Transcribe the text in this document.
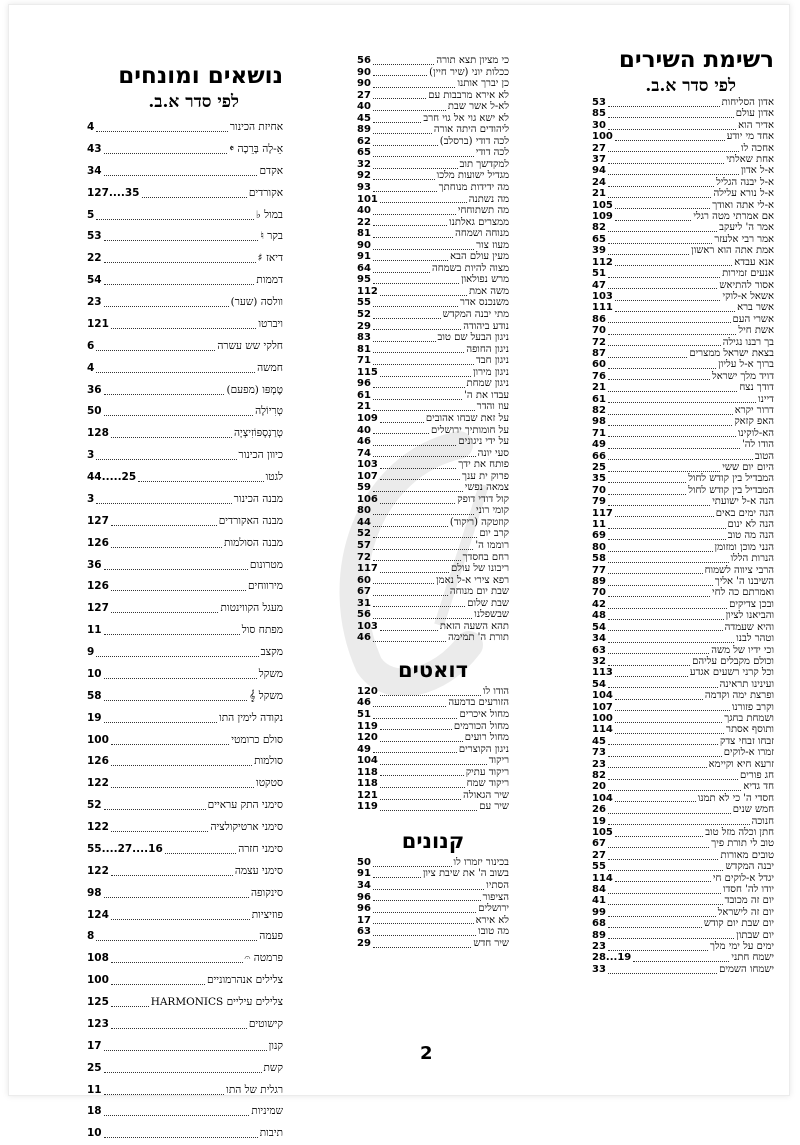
רשימת השירים
לפי סדר א.ב.
אדון הסליחות
53
אדון עולם
85
אדיר הוא
30
אחד מי יודע
100
אחכה לו
27
אחת שאלתי
37
א-ל אדון
94
א-ל יבנה הגליל
24
א-ל נורא עלילה
21
א-לי אתה ואודך
105
אם אמרתי מטה רגלי
109
אמר ה' ליעקב
82
אמר רבי אלעזר
65
אמת אתה הוא ראשון
39
אנא עבדא
112
אנעים זמירות
51
אסור להתיאש
47
אשאל א-לוקי
103
אשר ברא
111
אשרי העם
86
אשת חיל
70
בך רבנו נגילה
72
בצאת ישראל ממצרים
87
ברוך א-ל עליון
60
דויד מלך ישראל
76
דודך נצח
21
דיינו
61
דרור יקרא
82
האפ קזאק
98
הא-לוקינו
71
הודו לה'
49
הטוב
66
היום יום ששי
25
המבדיל בין קודש לחול
35
המבדיל בין קודש לחול
70
הנה א-ל ישועתי
79
הנה ימים באים
117
הנה לא ינום
11
הנה מה טוב
69
הנני מוכן ומזומן
80
הנרות הללו
58
הרבי ציווה לשמוח
77
השיבנו ה' אליך
89
ואמרתם כה לחי
70
ובכן צדיקים
42
והביאנו לציון
48
והיא שעמדה
54
וטהר לבנו
34
וכי ידיו של משה
63
וכולם מקבלים עליהם
32
וכל קרני רשעים אגדע
113
ועינינו תראינה
54
ופרצת ימה וקדמה
104
וקרב פזורנו
107
ושמחת בחגך
100
ותוסף אסתר
114
זבחו זבחי צדק
45
זמרו א-לוקים
73
זרעא חיא וקיימא
23
חג פורים
82
חד גדיא
20
חסדי ה' כי לא תמנו
104
חמש שנים
26
חנוכה
19
חתן וכלה מזל טוב
105
טוב לי תורת פיך
67
טובים מאורות
27
יבנה המקדש
55
יגדל א-לוקים חי
114
יודו לה' חסדו
84
יום זה מכובד
41
יום זה לישראל
99
יום שבת יום קודש
68
יום שבתון
89
ימים על ימי מלך
23
ישמח חתני
28...19
ישמחו השמים
33
כי מציון תצא תורה
56
ככלות יוני (שיר חיין)
90
כן יברך אותנו
90
לא אירא מרבבות עם
27
לא-ל אשר שבת
40
לא ישא גוי אל גוי חרב
45
ליהודים היתה אורה
89
לכה דודי (ברסלב)
62
לכה דודי
65
למקדשך תוב
32
מגדיל ישועות מלכו
92
מה ידידות מנוחתך
93
מה נשתנה
101
מה תשתוחחי
40
ממצרים גאלתנו
22
מנוחה ושמחה
81
מעוז צור
90
מעין עולם הבא
91
מצוה להיות בשמחה
64
מרש נפולאון
95
משה אמת
112
משנכנס אדר
55
מתי יבנה המקדש
52
נודע ביהודה
29
ניגון הבעל שם טוב
83
ניגון החופה
81
ניגון חבד
71
ניגון מירון
115
ניגון שמחת
96
עבדו את ה'
61
עוז והדר
21
על זאת שבחו אהובים
109
על חומותיך ירושלים
40
על ידי ניגונים
46
סעי יונה
74
פותח את ידך
103
פרוק ית ענך
107
צמאה נפשי
59
קול דודי דופק
106
קומי רוני
80
קוזטקה (ריקוד)
44
קרב יום
52
רוממו ה'
57
רחם בחסדך
72
ריבונו של עולם
117
רפא צירי א-ל נאמן
60
שבת יום מנוחה
67
שבת שלום
31
שבשפלנו
56
תהא השעה הזאת
103
תורת ה' תמימה
46
דואטים
הודו לו
120
הזורעים בדמעה
46
מחול איכרים
51
מחול הכורמים
119
מחול רועים
120
ניגון הקוצרים
49
ריקוד
104
ריקוד עתיק
118
ריקוד שמח
118
שיר הגאולה
121
שיר עם
119
קנונים
בכינור יזמרו לו
50
בשוב ה' את שיבת ציון
91
הסתיו
34
הציפור
96
ירושלים
96
לא אירא
17
מה טובו
63
שיר חדש
29
נושאים ומונחים
לפי סדר א.ב.
אחיזת הכינור
4
אֵ-לָה בָּרֵכָה 𝄵
43
אקדם
34
אקורדים
127....35
במול ♭
5
בקר ♮
53
דיאז ♯
22
דממות
54
וולסה (שער)
23
ויברטו
121
חלקי שש עשרה
6
חמשה
4
טֶמְפּו (מפעם)
36
טְרִיוֹלָה
50
טְרַנְסְפּוֹזִיצְיָה
128
כיוון הכינור
3
לגטו
44.....25
מבנה הכינור
3
מבנה האקורדים
127
מבנה הסולמות
126
מטרונום
36
מירווחים
126
מעגל הקווינטות
127
מפתח סול
11
מקצב
9
משקל
10
משקל 𝄞
58
נקודה לימין התו
19
סולם כרומטי
100
סולמות
126
סטקטו
122
סימני התק עראיים
52
סימני ארטיקולציה
122
סימני חזרה
55....27....16
סימני עצמה
122
סינקופה
98
פוזיציות
124
פעמה
8
פרמטה 𝄐
108
צלילים אנהרמוניים
100
צלילים עיליים HARMONICS
125
קישוטים
123
קנון
17
קשת
25
רגלית של התו
11
שמיניות
18
תיבות
10
2
